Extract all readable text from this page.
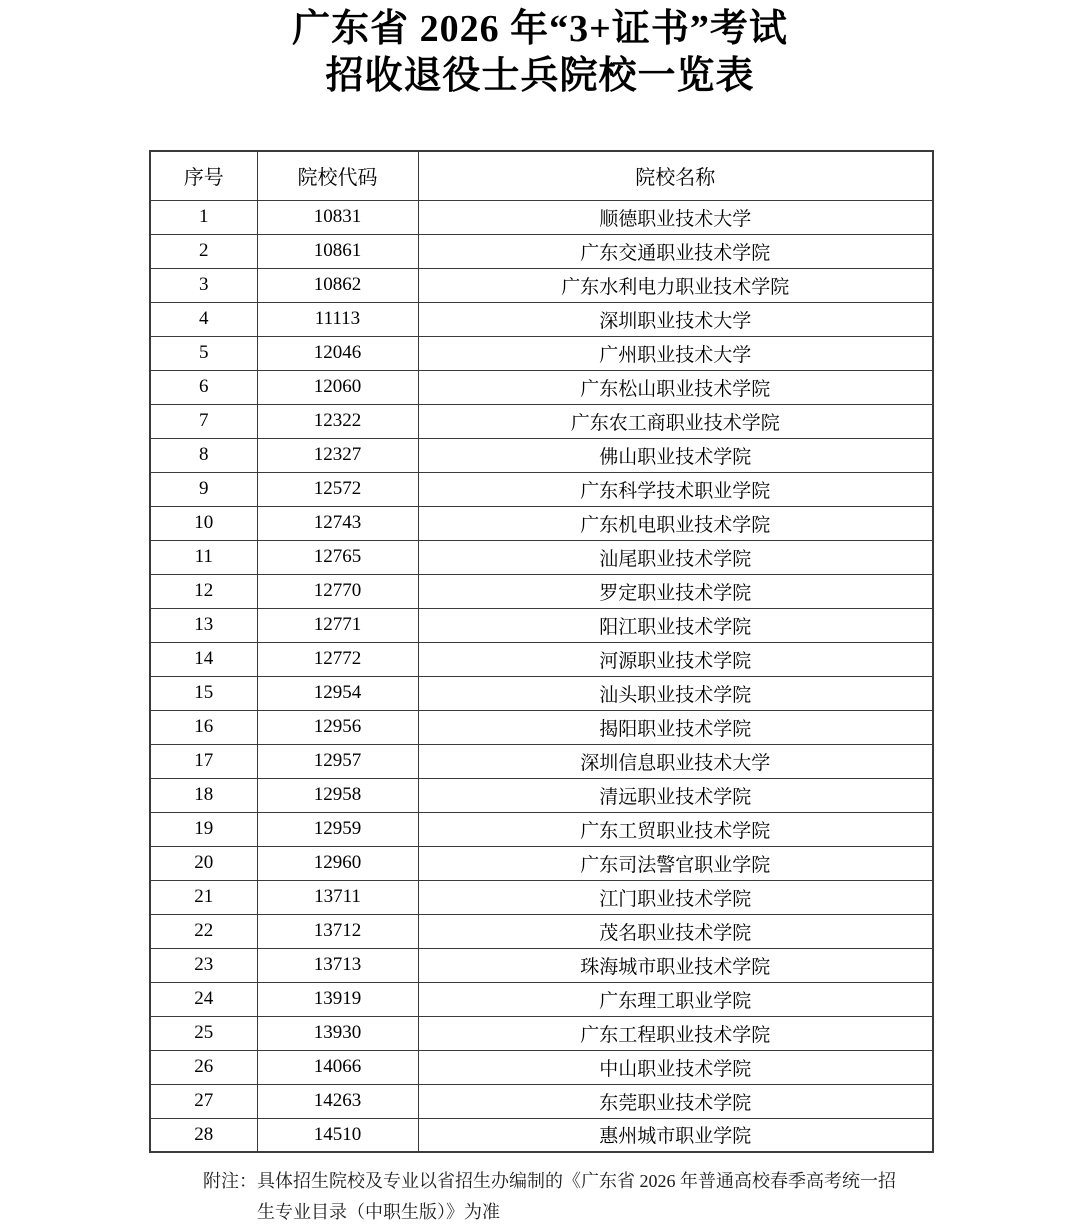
广东省 2026 年“3+证书”考试
招收退役士兵院校一览表
序号	院校代码	院校名称
1	10831	顺德职业技术大学
2	10861	广东交通职业技术学院
3	10862	广东水利电力职业技术学院
4	11113	深圳职业技术大学
5	12046	广州职业技术大学
6	12060	广东松山职业技术学院
7	12322	广东农工商职业技术学院
8	12327	佛山职业技术学院
9	12572	广东科学技术职业学院
10	12743	广东机电职业技术学院
11	12765	汕尾职业技术学院
12	12770	罗定职业技术学院
13	12771	阳江职业技术学院
14	12772	河源职业技术学院
15	12954	汕头职业技术学院
16	12956	揭阳职业技术学院
17	12957	深圳信息职业技术大学
18	12958	清远职业技术学院
19	12959	广东工贸职业技术学院
20	12960	广东司法警官职业学院
21	13711	江门职业技术学院
22	13712	茂名职业技术学院
23	13713	珠海城市职业技术学院
24	13919	广东理工职业学院
25	13930	广东工程职业技术学院
26	14066	中山职业技术学院
27	14263	东莞职业技术学院
28	14510	惠州城市职业学院
附注： 具体招生院校及专业以省招生办编制的《广东省 2026 年普通高校春季高考统一招生专业目录（中职生版）》为准
